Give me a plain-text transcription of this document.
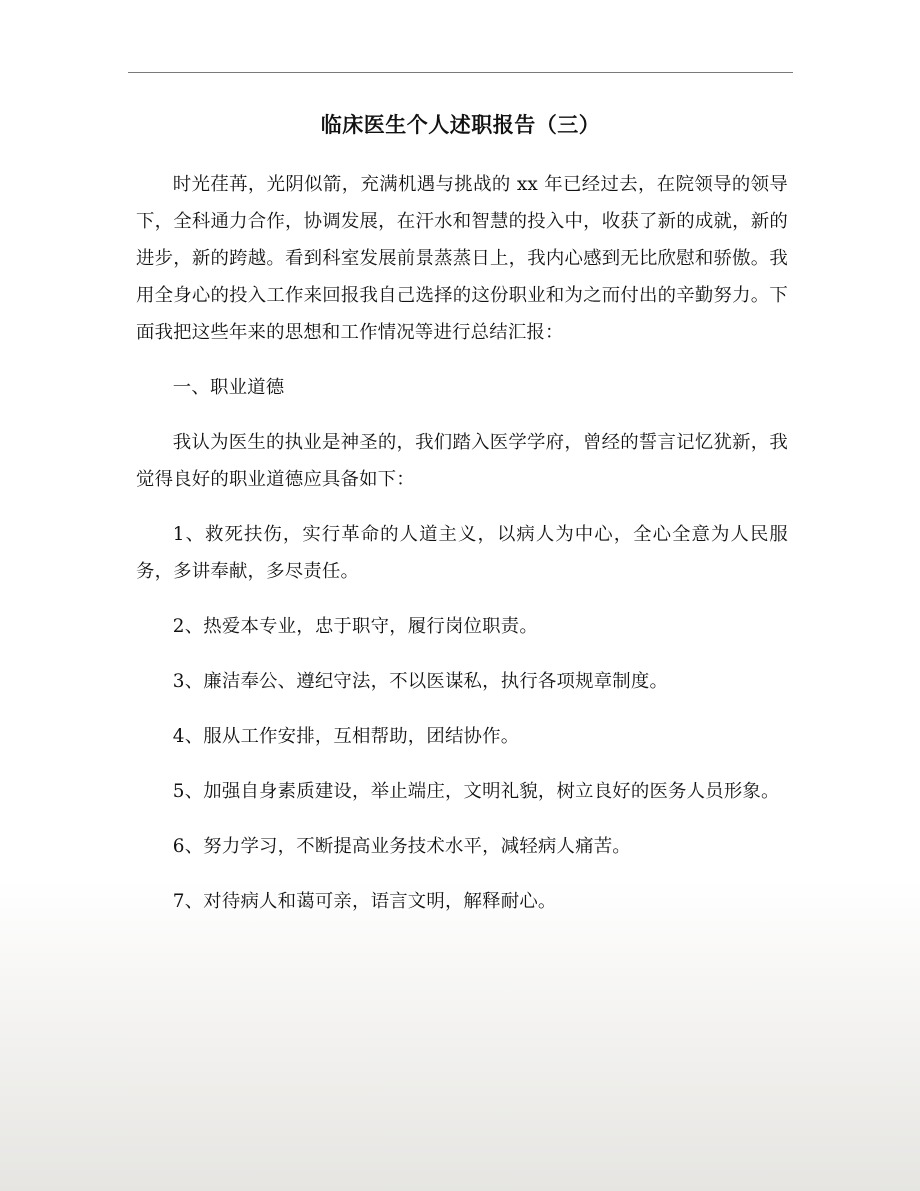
临床医生个人述职报告（三）

时光荏苒，光阴似箭，充满机遇与挑战的 xx 年已经过去，在院领导的领导下，全科通力合作，协调发展，在汗水和智慧的投入中，收获了新的成就，新的进步，新的跨越。看到科室发展前景蒸蒸日上，我内心感到无比欣慰和骄傲。我用全身心的投入工作来回报我自己选择的这份职业和为之而付出的辛勤努力。下面我把这些年来的思想和工作情况等进行总结汇报：

一、职业道德

我认为医生的执业是神圣的，我们踏入医学学府，曾经的誓言记忆犹新，我觉得良好的职业道德应具备如下：

1、救死扶伤，实行革命的人道主义，以病人为中心，全心全意为人民服务，多讲奉献，多尽责任。

2、热爱本专业，忠于职守，履行岗位职责。

3、廉洁奉公、遵纪守法，不以医谋私，执行各项规章制度。

4、服从工作安排，互相帮助，团结协作。

5、加强自身素质建设，举止端庄，文明礼貌，树立良好的医务人员形象。

6、努力学习，不断提高业务技术水平，减轻病人痛苦。

7、对待病人和蔼可亲，语言文明，解释耐心。
